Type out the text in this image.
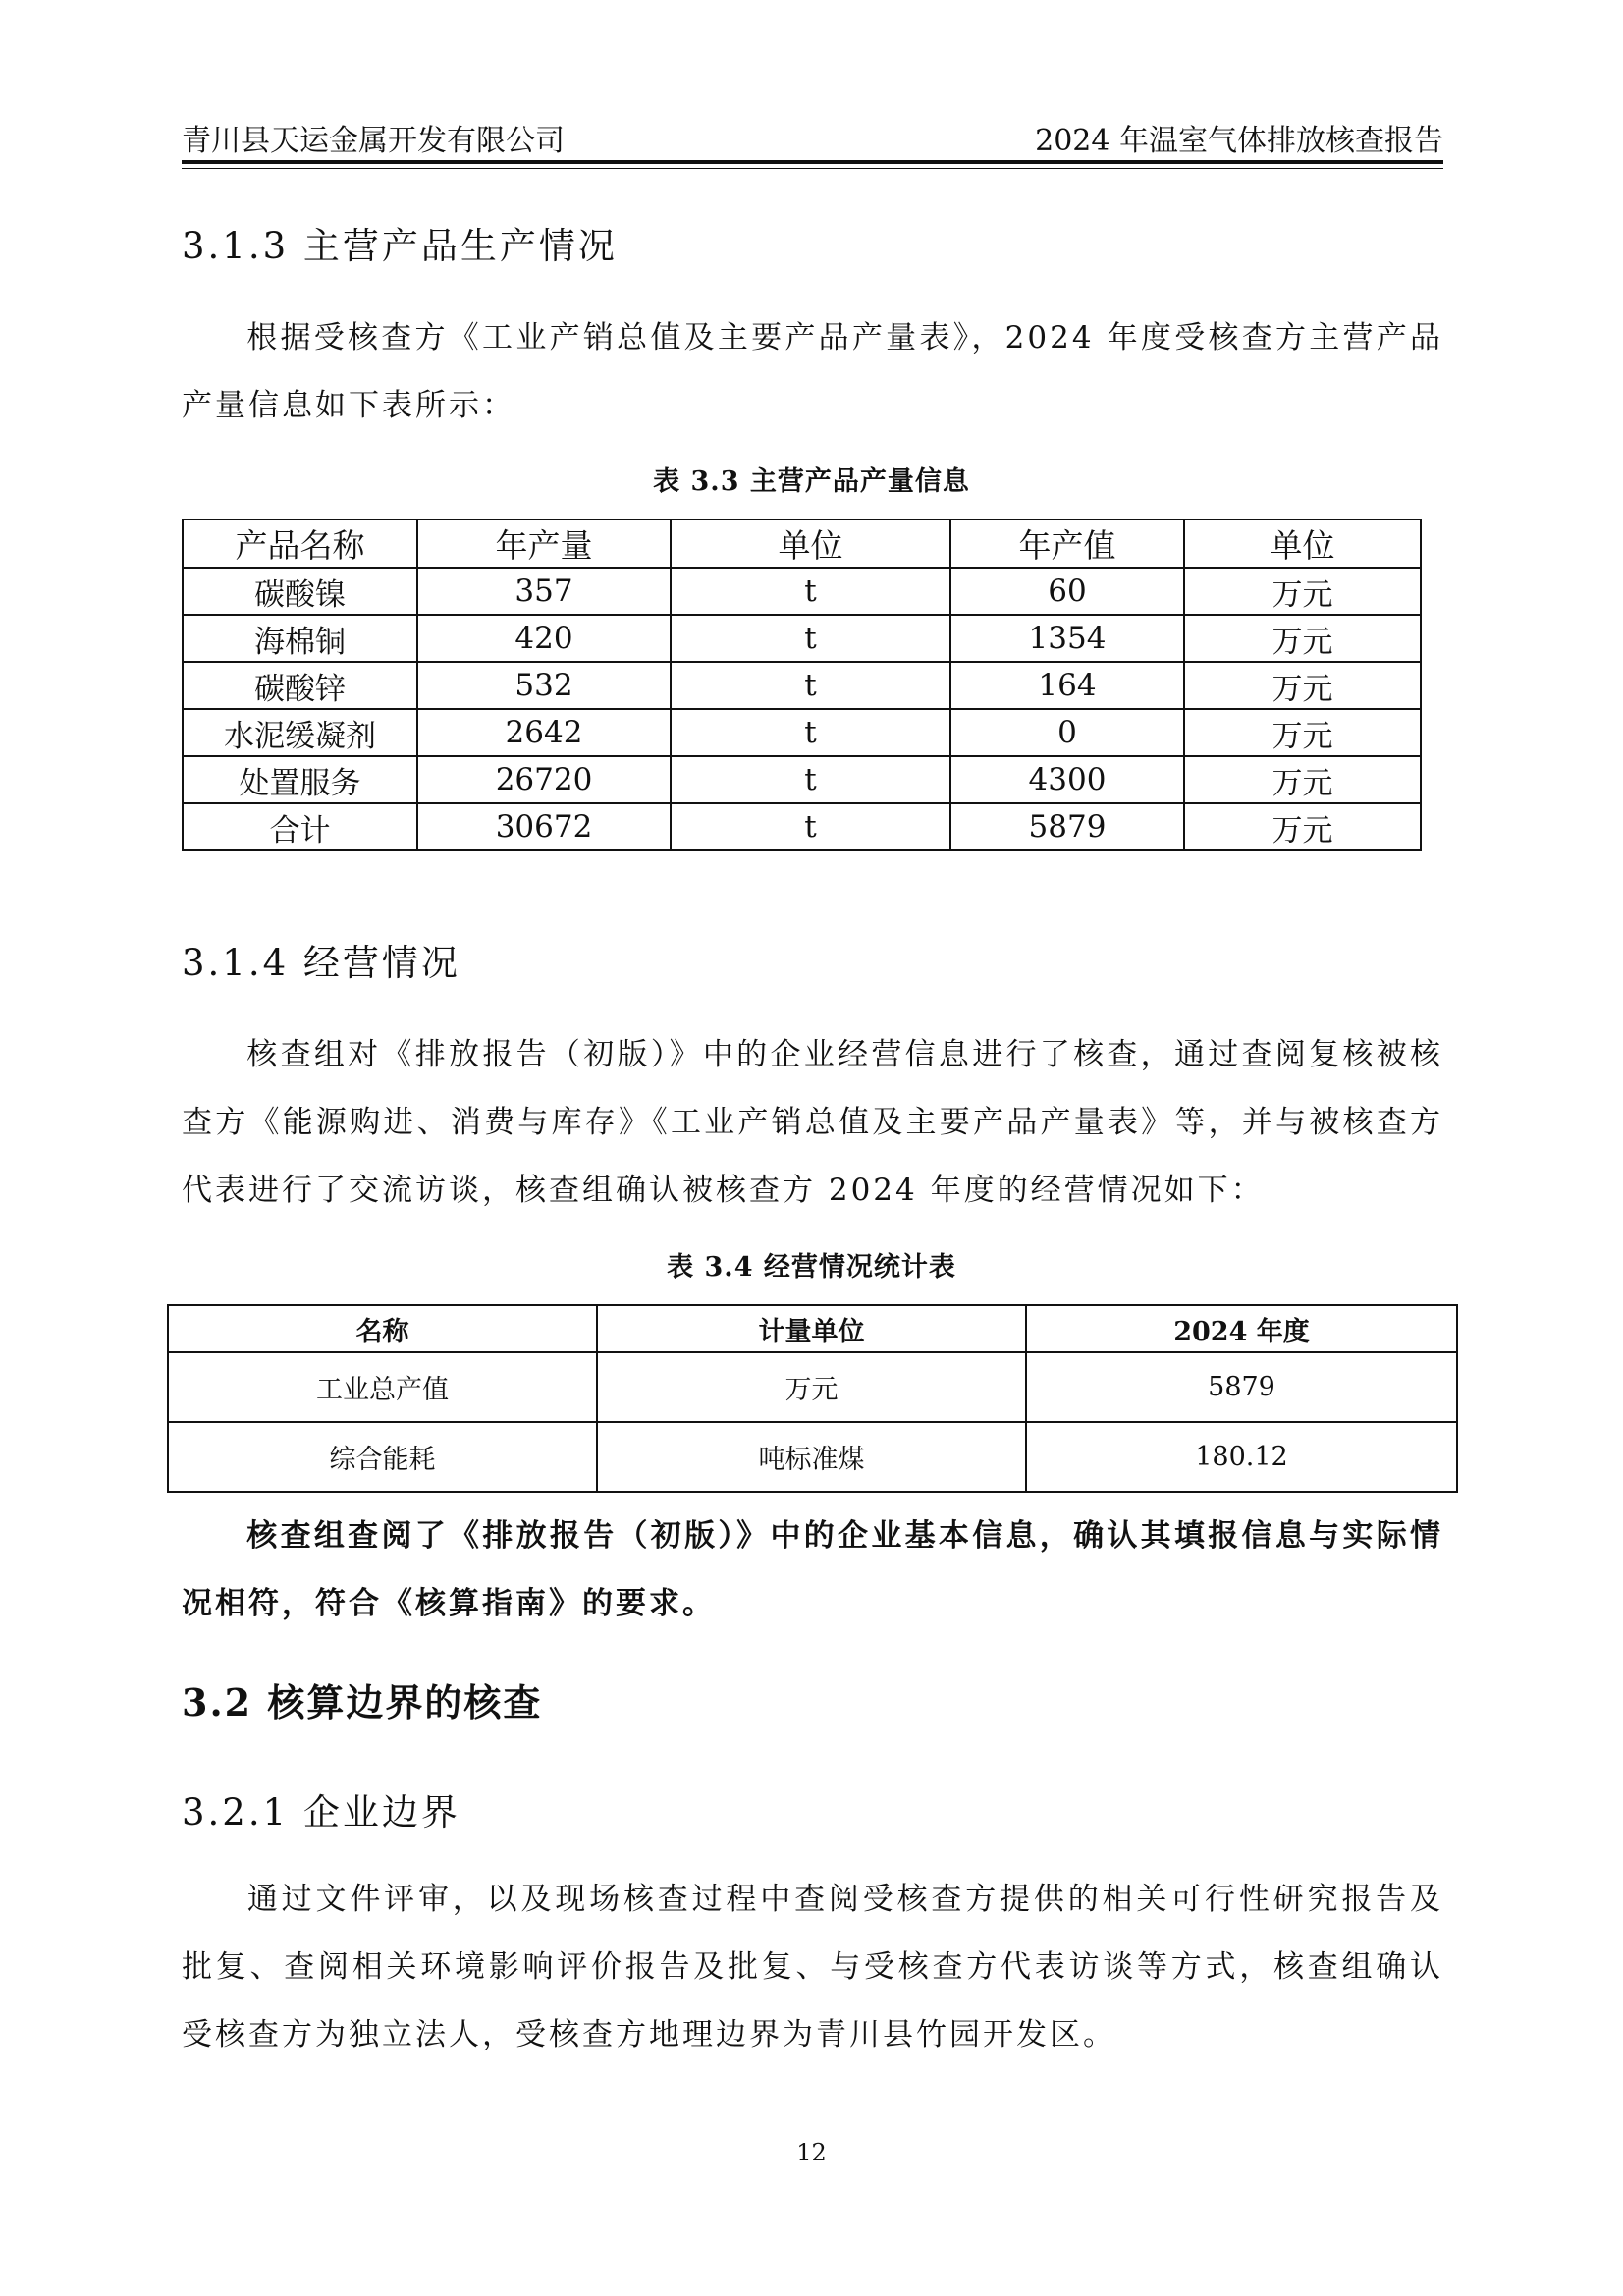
青川县天运金属开发有限公司	2024 年温室气体排放核查报告
3.1.3 主营产品生产情况
根据受核查方《工业产销总值及主要产品产量表》，2024 年度受核查方主营产品产量信息如下表所示：
表 3.3 主营产品产量信息
产品名称	年产量	单位	年产值	单位
碳酸镍	357	t	60	万元
海棉铜	420	t	1354	万元
碳酸锌	532	t	164	万元
水泥缓凝剂	2642	t	0	万元
处置服务	26720	t	4300	万元
合计	30672	t	5879	万元
3.1.4 经营情况
核查组对《排放报告（初版）》中的企业经营信息进行了核查，通过查阅复核被核查方《能源购进、消费与库存》《工业产销总值及主要产品产量表》等，并与被核查方代表进行了交流访谈，核查组确认被核查方 2024 年度的经营情况如下：
表 3.4 经营情况统计表
名称	计量单位	2024 年度
工业总产值	万元	5879
综合能耗	吨标准煤	180.12
核查组查阅了《排放报告（初版）》中的企业基本信息，确认其填报信息与实际情况相符，符合《核算指南》的要求。
3.2 核算边界的核查
3.2.1 企业边界
通过文件评审，以及现场核查过程中查阅受核查方提供的相关可行性研究报告及批复、查阅相关环境影响评价报告及批复、与受核查方代表访谈等方式，核查组确认受核查方为独立法人，受核查方地理边界为青川县竹园开发区。
12
